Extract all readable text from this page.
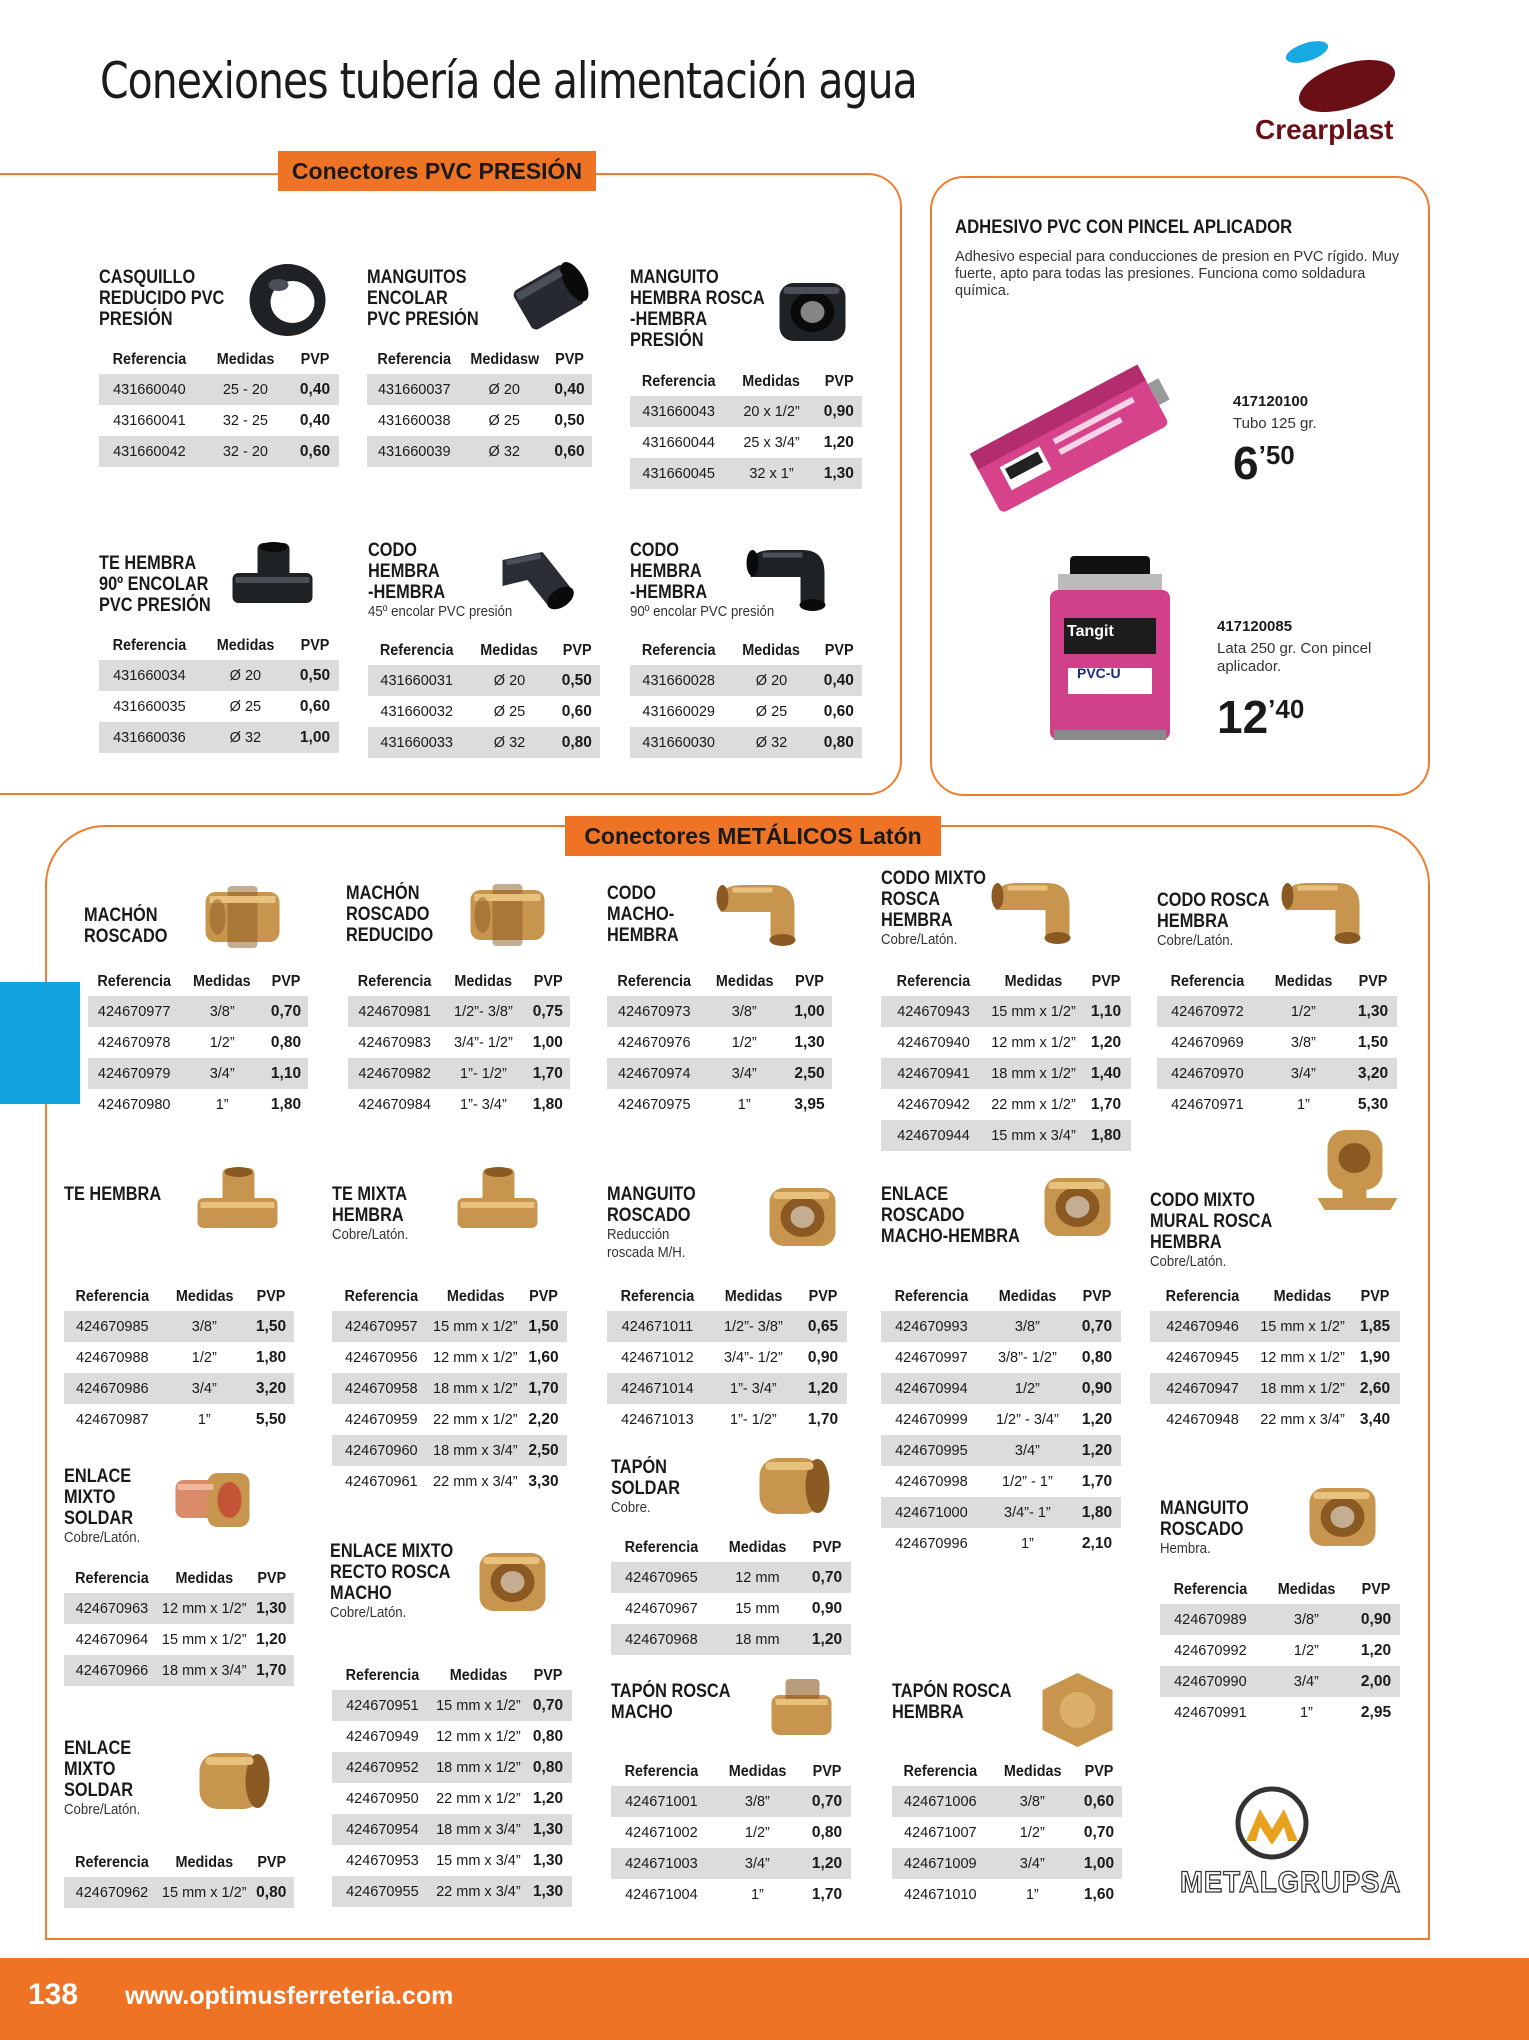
Conexiones tubería de alimentación agua
Crearplast
Conectores PVC PRESIÓN
ADHESIVO PVC CON PINCEL APLICADOR
Adhesivo especial para conducciones de presion en PVC rígido. Muy fuerte, apto para todas las presiones. Funciona como soldadura química.
417120100
Tubo 125 gr.
6’50
Tangit
PVC-U
417120085
Lata 250 gr. Con pincel aplicador.
12’40
Conectores METÁLICOS Latón
CASQUILLO
REDUCIDO PVC
PRESIÓN
Referencia	Medidas	PVP
431660040	25 - 20	0,40
431660041	32 - 25	0,40
431660042	32 - 20	0,60
MANGUITOS
ENCOLAR
PVC PRESIÓN
Referencia	Medidasw	PVP
431660037	Ø 20	0,40
431660038	Ø 25	0,50
431660039	Ø 32	0,60
MANGUITO
HEMBRA ROSCA
-HEMBRA
PRESIÓN
Referencia	Medidas	PVP
431660043	20 x 1/2”	0,90
431660044	25 x 3/4”	1,20
431660045	32 x 1”	1,30
TE HEMBRA
90º ENCOLAR
PVC PRESIÓN
Referencia	Medidas	PVP
431660034	Ø 20	0,50
431660035	Ø 25	0,60
431660036	Ø 32	1,00
CODO
HEMBRA
-HEMBRA
45º encolar PVC presión
Referencia	Medidas	PVP
431660031	Ø 20	0,50
431660032	Ø 25	0,60
431660033	Ø 32	0,80
CODO
HEMBRA
-HEMBRA
90º encolar PVC presión
Referencia	Medidas	PVP
431660028	Ø 20	0,40
431660029	Ø 25	0,60
431660030	Ø 32	0,80
MACHÓN
ROSCADO
Referencia	Medidas	PVP
424670977	3/8”	0,70
424670978	1/2”	0,80
424670979	3/4”	1,10
424670980	1”	1,80
MACHÓN
ROSCADO
REDUCIDO
Referencia	Medidas	PVP
424670981	1/2”- 3/8”	0,75
424670983	3/4”- 1/2”	1,00
424670982	1”- 1/2”	1,70
424670984	1”- 3/4”	1,80
CODO
MACHO-
HEMBRA
Referencia	Medidas	PVP
424670973	3/8”	1,00
424670976	1/2”	1,30
424670974	3/4”	2,50
424670975	1”	3,95
CODO MIXTO
ROSCA
HEMBRA
Cobre/Latón.
Referencia	Medidas	PVP
424670943	15 mm x 1/2”	1,10
424670940	12 mm x 1/2”	1,20
424670941	18 mm x 1/2”	1,40
424670942	22 mm x 1/2”	1,70
424670944	15 mm x 3/4”	1,80
CODO ROSCA
HEMBRA
Cobre/Latón.
Referencia	Medidas	PVP
424670972	1/2”	1,30
424670969	3/8”	1,50
424670970	3/4”	3,20
424670971	1”	5,30
TE HEMBRA
Referencia	Medidas	PVP
424670985	3/8”	1,50
424670988	1/2”	1,80
424670986	3/4”	3,20
424670987	1”	5,50
TE MIXTA
HEMBRA
Cobre/Latón.
Referencia	Medidas	PVP
424670957	15 mm x 1/2”	1,50
424670956	12 mm x 1/2”	1,60
424670958	18 mm x 1/2”	1,70
424670959	22 mm x 1/2”	2,20
424670960	18 mm x 3/4”	2,50
424670961	22 mm x 3/4”	3,30
MANGUITO
ROSCADO
Reducción
roscada M/H.
Referencia	Medidas	PVP
424671011	1/2”- 3/8”	0,65
424671012	3/4”- 1/2”	0,90
424671014	1”- 3/4”	1,20
424671013	1”- 1/2”	1,70
ENLACE
ROSCADO
MACHO-HEMBRA
Referencia	Medidas	PVP
424670993	3/8”	0,70
424670997	3/8”- 1/2”	0,80
424670994	1/2”	0,90
424670999	1/2” - 3/4”	1,20
424670995	3/4”	1,20
424670998	1/2” - 1”	1,70
424671000	3/4”- 1”	1,80
424670996	1”	2,10
CODO MIXTO
MURAL ROSCA
HEMBRA
Cobre/Latón.
Referencia	Medidas	PVP
424670946	15 mm x 1/2”	1,85
424670945	12 mm x 1/2”	1,90
424670947	18 mm x 1/2”	2,60
424670948	22 mm x 3/4”	3,40
ENLACE
MIXTO
SOLDAR
Cobre/Latón.
Referencia	Medidas	PVP
424670963	12 mm x 1/2”	1,30
424670964	15 mm x 1/2”	1,20
424670966	18 mm x 3/4”	1,70
ENLACE MIXTO
RECTO ROSCA
MACHO
Cobre/Latón.
Referencia	Medidas	PVP
424670951	15 mm x 1/2”	0,70
424670949	12 mm x 1/2”	0,80
424670952	18 mm x 1/2”	0,80
424670950	22 mm x 1/2”	1,20
424670954	18 mm x 3/4”	1,30
424670953	15 mm x 3/4”	1,30
424670955	22 mm x 3/4”	1,30
TAPÓN
SOLDAR
Cobre.
Referencia	Medidas	PVP
424670965	12 mm	0,70
424670967	15 mm	0,90
424670968	18 mm	1,20
MANGUITO
ROSCADO
Hembra.
Referencia	Medidas	PVP
424670989	3/8”	0,90
424670992	1/2”	1,20
424670990	3/4”	2,00
424670991	1”	2,95
TAPÓN ROSCA
MACHO
Referencia	Medidas	PVP
424671001	3/8”	0,70
424671002	1/2”	0,80
424671003	3/4”	1,20
424671004	1”	1,70
TAPÓN ROSCA
HEMBRA
Referencia	Medidas	PVP
424671006	3/8”	0,60
424671007	1/2”	0,70
424671009	3/4”	1,00
424671010	1”	1,60
ENLACE
MIXTO
SOLDAR
Cobre/Latón.
Referencia	Medidas	PVP
424670962	15 mm x 1/2”	0,80	METALGRUPSA
138 www.optimusferreteria.com
